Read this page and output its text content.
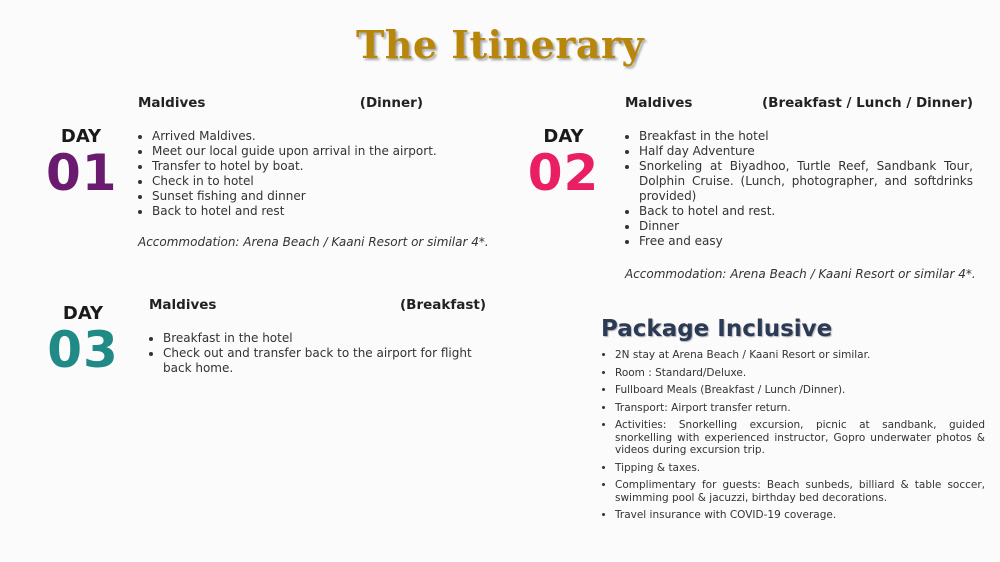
The Itinerary
DAY
01
Maldives	(Dinner)
• Arrived Maldives.
• Meet our local guide upon arrival in the airport.
• Transfer to hotel by boat.
• Check in to hotel
• Sunset fishing and dinner
• Back to hotel and rest
Accommodation: Arena Beach / Kaani Resort or similar 4*.
DAY
02
Maldives	(Breakfast / Lunch / Dinner)
• Breakfast in the hotel
• Half day Adventure
• Snorkeling at Biyadhoo, Turtle Reef, Sandbank Tour, Dolphin Cruise. (Lunch, photographer, and softdrinks provided)
• Back to hotel and rest.
• Dinner
• Free and easy
Accommodation: Arena Beach / Kaani Resort or similar 4*.
DAY
03
Maldives	(Breakfast)
• Breakfast in the hotel
• Check out and transfer back to the airport for flight back home.
Package Inclusive
• 2N stay at Arena Beach / Kaani Resort or similar.
• Room : Standard/Deluxe.
• Fullboard Meals (Breakfast / Lunch /Dinner).
• Transport: Airport transfer return.
• Activities: Snorkelling excursion, picnic at sandbank, guided snorkelling with experienced instructor, Gopro underwater photos & videos during excursion trip.
• Tipping & taxes.
• Complimentary for guests: Beach sunbeds, billiard & table soccer, swimming pool & jacuzzi, birthday bed decorations.
• Travel insurance with COVID-19 coverage.
